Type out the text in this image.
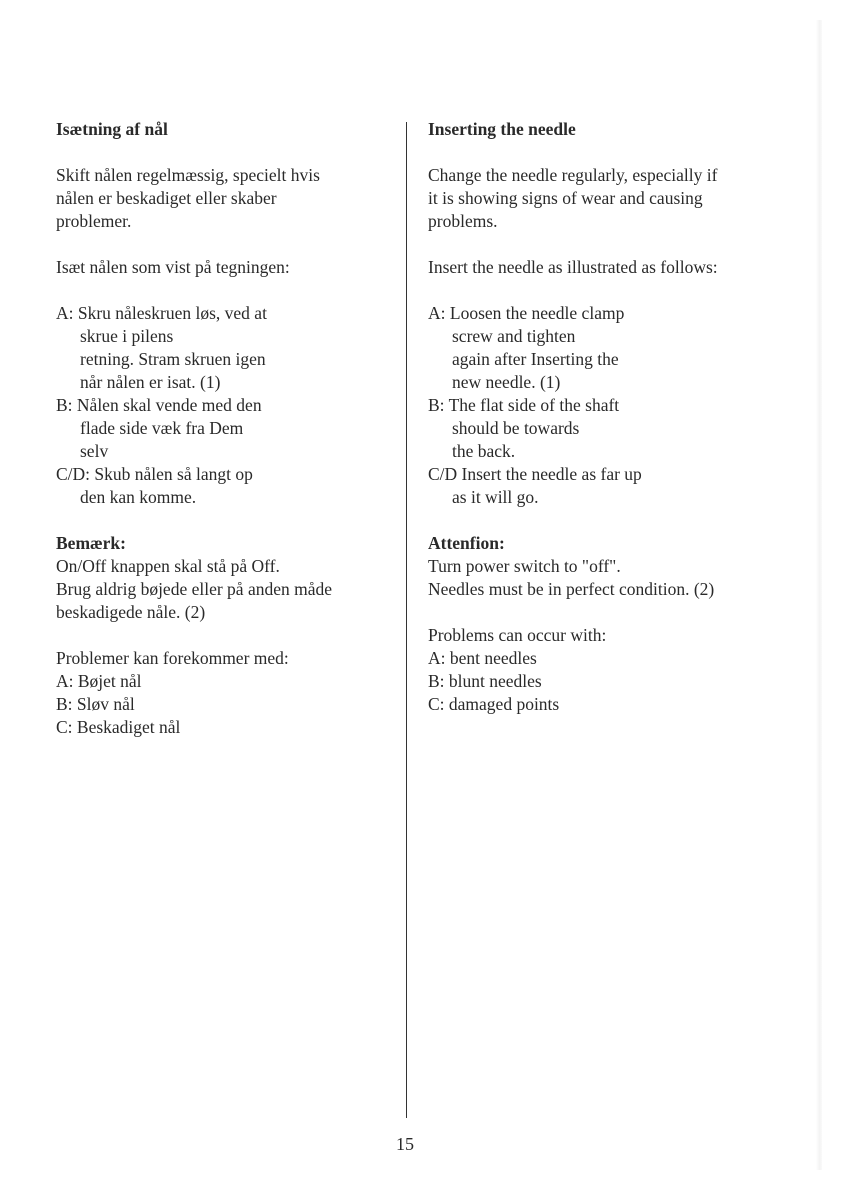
Isætning af nål

Skift nålen regelmæssig, specielt hvis
nålen er beskadiget eller skaber
problemer.

Isæt nålen som vist på tegningen:

A: Skru nåleskruen løs, ved at
skrue i pilens
retning. Stram skruen igen
når nålen er isat. (1)
B: Nålen skal vende med den
flade side væk fra Dem
selv
C/D: Skub nålen så langt op
den kan komme.

Bemærk:

On/Off knappen skal stå på Off.
Brug aldrig bøjede eller på anden måde
beskadigede nåle. (2)

Problemer kan forekommer med:

A: Bøjet nål
B: Sløv nål
C: Beskadiget nål

Inserting the needle

Change the needle regularly, especially if
it is showing signs of wear and causing
problems.

Insert the needle as illustrated as follows:

A: Loosen the needle clamp
screw and tighten
again after Inserting the
new needle. (1)
B: The flat side of the shaft
should be towards
the back.
C/D Insert the needle as far up
as it will go.

Attenfion:

Turn power switch to "off".
Needles must be in perfect condition. (2)

Problems can occur with:

A: bent needles
B: blunt needles
C: damaged points
15
